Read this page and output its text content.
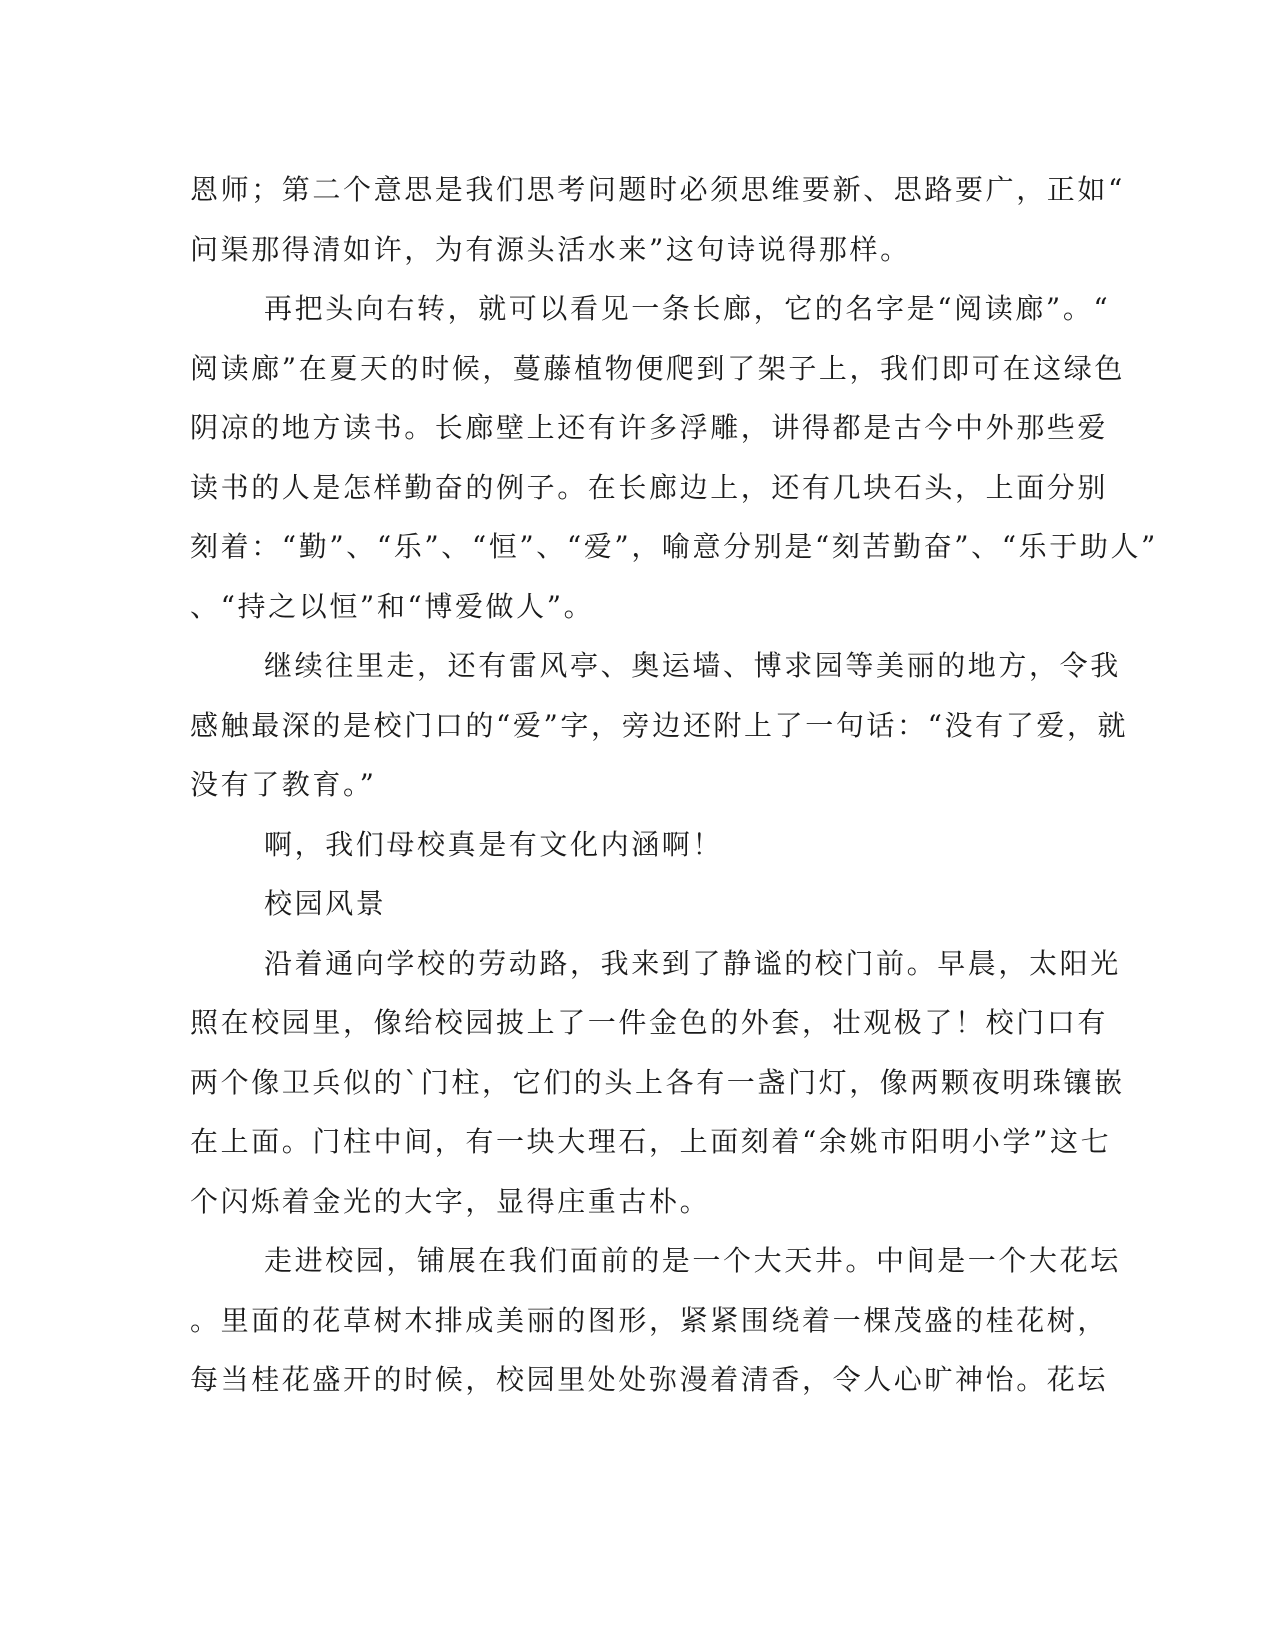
恩师；第二个意思是我们思考问题时必须思维要新、思路要广，正如“
问渠那得清如许，为有源头活水来”这句诗说得那样。
再把头向右转，就可以看见一条长廊，它的名字是“阅读廊”。“
阅读廊”在夏天的时候，蔓藤植物便爬到了架子上，我们即可在这绿色
阴凉的地方读书。长廊壁上还有许多浮雕，讲得都是古今中外那些爱
读书的人是怎样勤奋的例子。在长廊边上，还有几块石头，上面分别
刻着：“勤”、“乐”、“恒”、“爱”，喻意分别是“刻苦勤奋”、“乐于助人”
、“持之以恒”和“博爱做人”。
继续往里走，还有雷风亭、奥运墙、博求园等美丽的地方，令我
感触最深的是校门口的“爱”字，旁边还附上了一句话：“没有了爱，就
没有了教育。”
啊，我们母校真是有文化内涵啊！
校园风景
沿着通向学校的劳动路，我来到了静谧的校门前。早晨，太阳光
照在校园里，像给校园披上了一件金色的外套，壮观极了！校门口有
两个像卫兵似的`门柱，它们的头上各有一盏门灯，像两颗夜明珠镶嵌
在上面。门柱中间，有一块大理石，上面刻着“余姚市阳明小学”这七
个闪烁着金光的大字，显得庄重古朴。
走进校园，铺展在我们面前的是一个大天井。中间是一个大花坛
。里面的花草树木排成美丽的图形，紧紧围绕着一棵茂盛的桂花树，
每当桂花盛开的时候，校园里处处弥漫着清香，令人心旷神怡。花坛
